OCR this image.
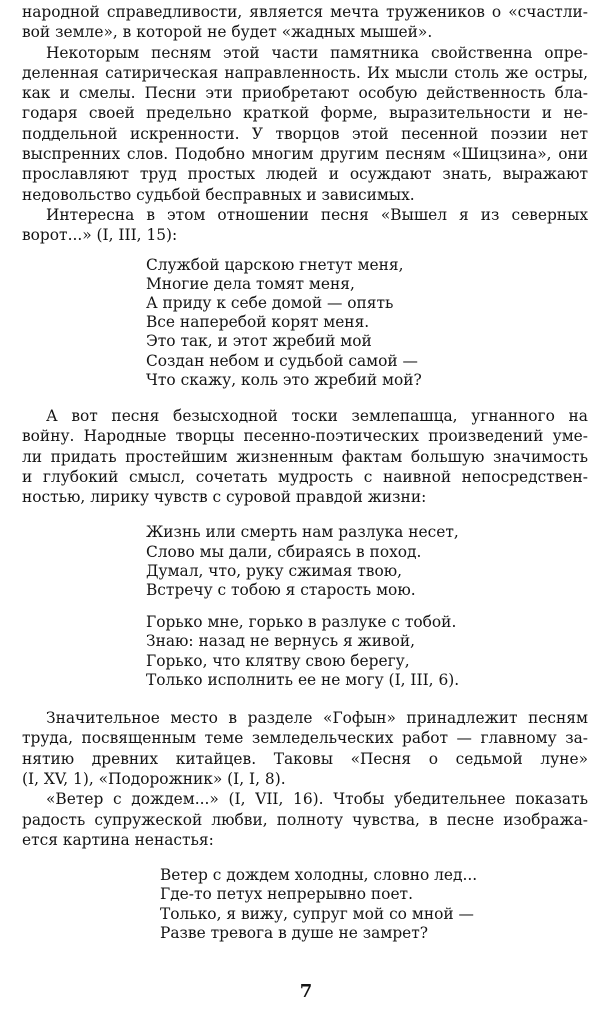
народной справедливости, является мечта тружеников о «счастли-
вой земле», в которой не будет «жадных мышей».

Некоторым песням этой части памятника свойственна опре-
деленная сатирическая направленность. Их мысли столь же остры,
как и смелы. Песни эти приобретают особую действенность бла-
годаря своей предельно краткой форме, выразительности и не-
поддельной искренности. У творцов этой песенной поэзии нет
выспренних слов. Подобно многим другим песням «Шицзина», они
прославляют труд простых людей и осуждают знать, выражают
недовольство судьбой бесправных и зависимых.

Интересна в этом отношении песня «Вышел я из северных
ворот...» (I, III, 15):

Службой царскою гнетут меня,
Многие дела томят меня,
А приду к себе домой — опять
Все наперебой корят меня.
Это так, и этот жребий мой
Создан небом и судьбой самой —
Что скажу, коль это жребий мой?

А вот песня безысходной тоски землепашца, угнанного на
войну. Народные творцы песенно-поэтических произведений уме-
ли придать простейшим жизненным фактам большую значимость
и глубокий смысл, сочетать мудрость с наивной непосредствен-
ностью, лирику чувств с суровой правдой жизни:

Жизнь или смерть нам разлука несет,
Слово мы дали, сбираясь в поход.
Думал, что, руку сжимая твою,
Встречу с тобою я старость мою.
Горько мне, горько в разлуке с тобой.
Знаю: назад не вернусь я живой,
Горько, что клятву свою берегу,
Только исполнить ее не могу (I, III, 6).

Значительное место в разделе «Гофын» принадлежит песням
труда, посвященным теме земледельческих работ — главному за-
нятию древних китайцев. Таковы «Песня о седьмой луне»
(I, XV, 1), «Подорожник» (I, I, 8).

«Ветер с дождем...» (I, VII, 16). Чтобы убедительнее показать
радость супружеской любви, полноту чувства, в песне изобража-
ется картина ненастья:

Ветер с дождем холодны, словно лед...
Где-то петух непрерывно поет.
Только, я вижу, супруг мой со мной —
Разве тревога в душе не замрет?
7
